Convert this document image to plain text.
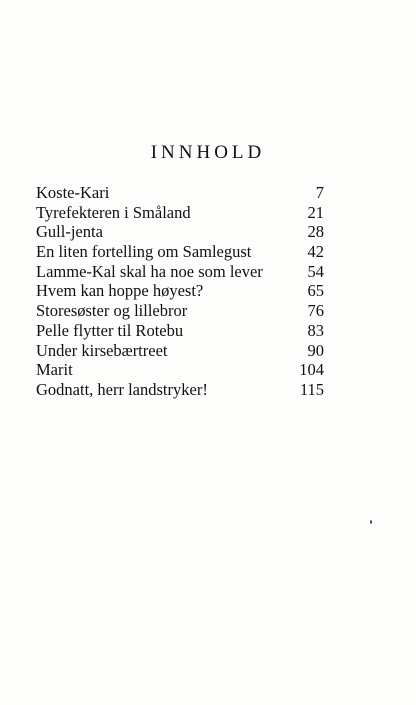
INNHOLD
Koste-Kari	7
Tyrefekteren i Småland	21
Gull-jenta	28
En liten fortelling om Samlegust	42
Lamme-Kal skal ha noe som lever	54
Hvem kan hoppe høyest?	65
Storesøster og lillebror	76
Pelle flytter til Rotebu	83
Under kirsebærtreet	90
Marit	104
Godnatt, herr landstryker!	115
